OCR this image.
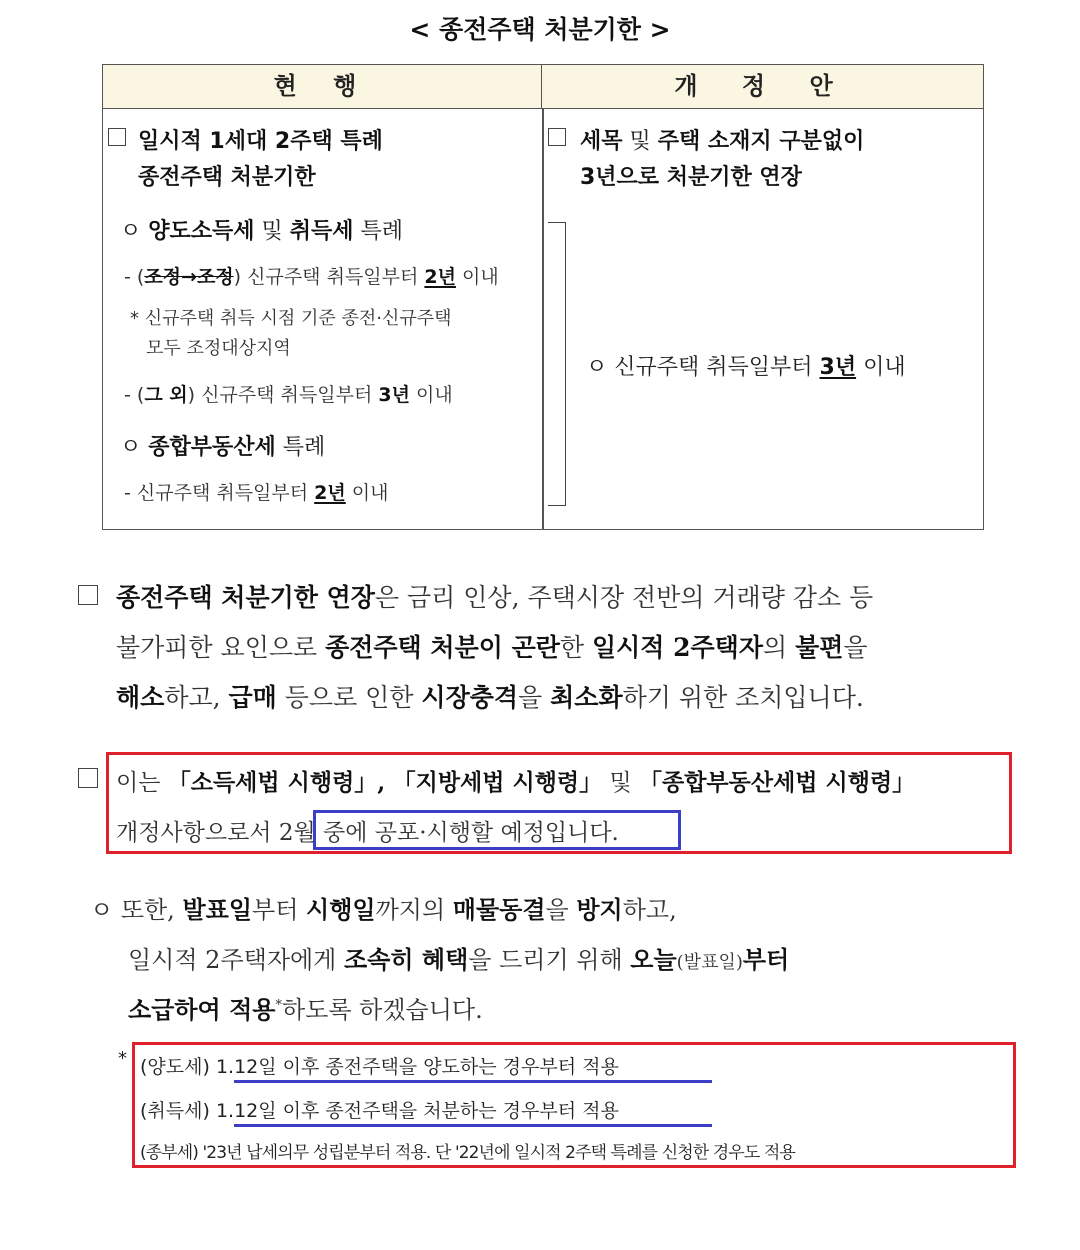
< 종전주택 처분기한 >
현 행	개 정 안
일시적 1세대 2주택 특례
종전주택 처분기한
ㅇ 양도소득세 및 취득세 특례
- (조정→조정) 신규주택 취득일부터 2년 이내
* 신규주택 취득 시점 기준 종전·신규주택
모두 조정대상지역
- (그 외) 신규주택 취득일부터 3년 이내
ㅇ 종합부동산세 특례
- 신규주택 취득일부터 2년 이내
세목 및 주택 소재지 구분없이
3년으로 처분기한 연장
ㅇ 신규주택 취득일부터 3년 이내
종전주택 처분기한 연장은 금리 인상, 주택시장 전반의 거래량 감소 등
불가피한 요인으로 종전주택 처분이 곤란한 일시적 2주택자의 불편을
해소하고, 급매 등으로 인한 시장충격을 최소화하기 위한 조치입니다.
이는 「소득세법 시행령」, 「지방세법 시행령」 및 「종합부동산세법 시행령」
개정사항으로서 2월 중에 공포·시행할 예정입니다.
ㅇ 또한, 발표일부터 시행일까지의 매물동결을 방지하고,
일시적 2주택자에게 조속히 혜택을 드리기 위해 오늘(발표일)부터
소급하여 적용*하도록 하겠습니다.
* (양도세) 1.12일 이후 종전주택을 양도하는 경우부터 적용
(취득세) 1.12일 이후 종전주택을 처분하는 경우부터 적용
(종부세) '23년 납세의무 성립분부터 적용. 단 '22년에 일시적 2주택 특례를 신청한 경우도 적용
